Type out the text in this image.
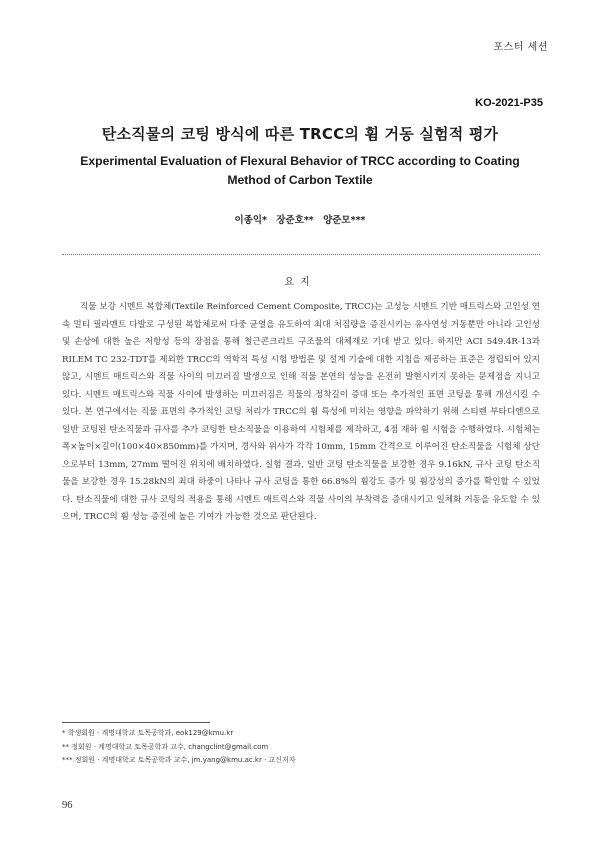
포스터 세션
KO-2021-P35
탄소직물의 코팅 방식에 따른 TRCC의 휨 거동 실험적 평가
Experimental Evaluation of Flexural Behavior of TRCC according to Coating Method of Carbon Textile
이종익* 장준호** 양준모***
요지

직물 보강 시멘트 복합체(Textile Reinforced Cement Composite, TRCC)는 고성능 시멘트 기반 매트릭스와 고인성 연속 멀티 필라멘트 다발로 구성된 복합체로써 다중 균열을 유도하여 최대 처짐량을 증진시키는 유사연성 거동뿐만 아니라 고인성 및 손상에 대한 높은 저항성 등의 장점을 통해 철근콘크리트 구조물의 대체재로 기대 받고 있다. 하지만 ACI 549.4R-13과 RILEM TC 232-TDT를 제외한 TRCC의 역학적 특성 시험 방법론 및 설계 기술에 대한 지침을 제공하는 표준은 정립되어 있지 않고, 시멘트 매트릭스와 직물 사이의 미끄러짐 발생으로 인해 직물 본연의 성능을 온전히 발현시키지 못하는 문제점을 지니고 있다. 시멘트 매트릭스와 직물 사이에 발생하는 미끄러짐은 직물의 정착길이 증대 또는 추가적인 표면 코팅을 통해 개선시킬 수 있다. 본 연구에서는 직물 표면의 추가적인 코팅 처리가 TRCC의 휨 특성에 미치는 영향을 파악하기 위해 스티렌 부타디엔으로 일반 코팅된 탄소직물과 규사를 추가 코팅한 탄소직물을 이용하여 시험체를 제작하고, 4점 재하 휨 시험을 수행하였다. 시험체는 폭×높이×길이(100×40×850mm)를 가지며, 경사와 위사가 각각 10mm, 15mm 간격으로 이루어진 탄소직물을 시험체 상단으로부터 13mm, 27mm 떨어진 위치에 배치하였다. 실험 결과, 일반 코팅 탄소직물을 보강한 경우 9.16kN, 규사 코팅 탄소직물을 보강한 경우 15.28kN의 최대 하중이 나타나 규사 코팅을 통한 66.8%의 휨강도 증가 및 휨강성의 증가를 확인할 수 있었다. 탄소직물에 대한 규사 코팅의 적용을 통해 시멘트 매트릭스와 직물 사이의 부착력을 증대시키고 일체화 거동을 유도할 수 있으며, TRCC의 휨 성능 증진에 높은 기여가 가능한 것으로 판단된다.

* 학생회원 · 계명대학교 토목공학과, eok129@kmu.kr
** 정회원 · 계명대학교 토목공학과 교수, changclint@gmail.com
*** 정회원 · 계명대학교 토목공학과 교수, jm.yang@kmu.ac.kr · 교신저자
96
